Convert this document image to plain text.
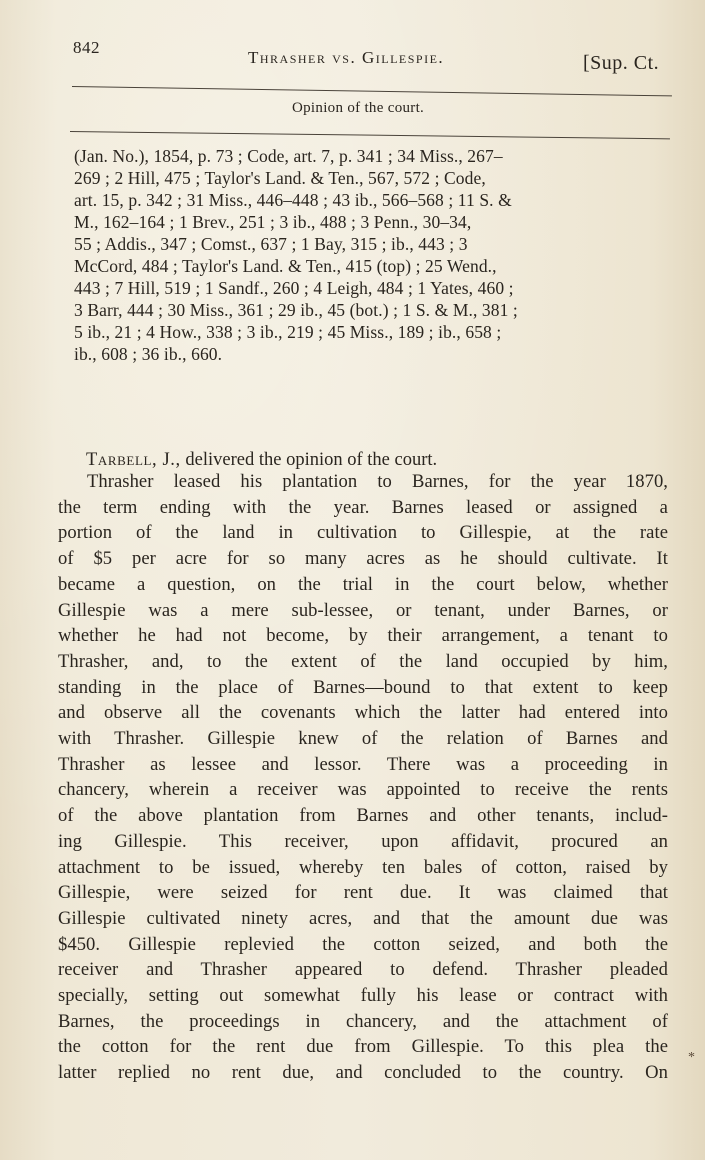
842
Thrasher vs. Gillespie.	[Sup. Ct.
Opinion of the court.
(Jan. No.), 1854, p. 73 ; Code, art. 7, p. 341 ; 34 Miss., 267–
269 ; 2 Hill, 475 ; Taylor's Land. & Ten., 567, 572 ; Code,
art. 15, p. 342 ; 31 Miss., 446–448 ; 43 ib., 566–568 ; 11 S. &
M., 162–164 ; 1 Brev., 251 ; 3 ib., 488 ; 3 Penn., 30–34,
55 ; Addis., 347 ; Comst., 637 ; 1 Bay, 315 ; ib., 443 ; 3
McCord, 484 ; Taylor's Land. & Ten., 415 (top) ; 25 Wend.,
443 ; 7 Hill, 519 ; 1 Sandf., 260 ; 4 Leigh, 484 ; 1 Yates, 460 ;
3 Barr, 444 ; 30 Miss., 361 ; 29 ib., 45 (bot.) ; 1 S. & M., 381 ;
5 ib., 21 ; 4 How., 338 ; 3 ib., 219 ; 45 Miss., 189 ; ib., 658 ;
ib., 608 ; 36 ib., 660.
Tarbell, J., delivered the opinion of the court.
Thrasher leased his plantation to Barnes, for the year 1870,
the term ending with the year. Barnes leased or assigned a
portion of the land in cultivation to Gillespie, at the rate
of $5 per acre for so many acres as he should cultivate. It
became a question, on the trial in the court below, whether
Gillespie was a mere sub-lessee, or tenant, under Barnes, or
whether he had not become, by their arrangement, a tenant to
Thrasher, and, to the extent of the land occupied by him,
standing in the place of Barnes—bound to that extent to keep
and observe all the covenants which the latter had entered into
with Thrasher. Gillespie knew of the relation of Barnes and
Thrasher as lessee and lessor. There was a proceeding in
chancery, wherein a receiver was appointed to receive the rents
of the above plantation from Barnes and other tenants, includ-
ing Gillespie. This receiver, upon affidavit, procured an
attachment to be issued, whereby ten bales of cotton, raised by
Gillespie, were seized for rent due. It was claimed that
Gillespie cultivated ninety acres, and that the amount due was
$450. Gillespie replevied the cotton seized, and both the
receiver and Thrasher appeared to defend. Thrasher pleaded
specially, setting out somewhat fully his lease or contract with
Barnes, the proceedings in chancery, and the attachment of
the cotton for the rent due from Gillespie. To this plea the
latter replied no rent due, and concluded to the country. On
*
